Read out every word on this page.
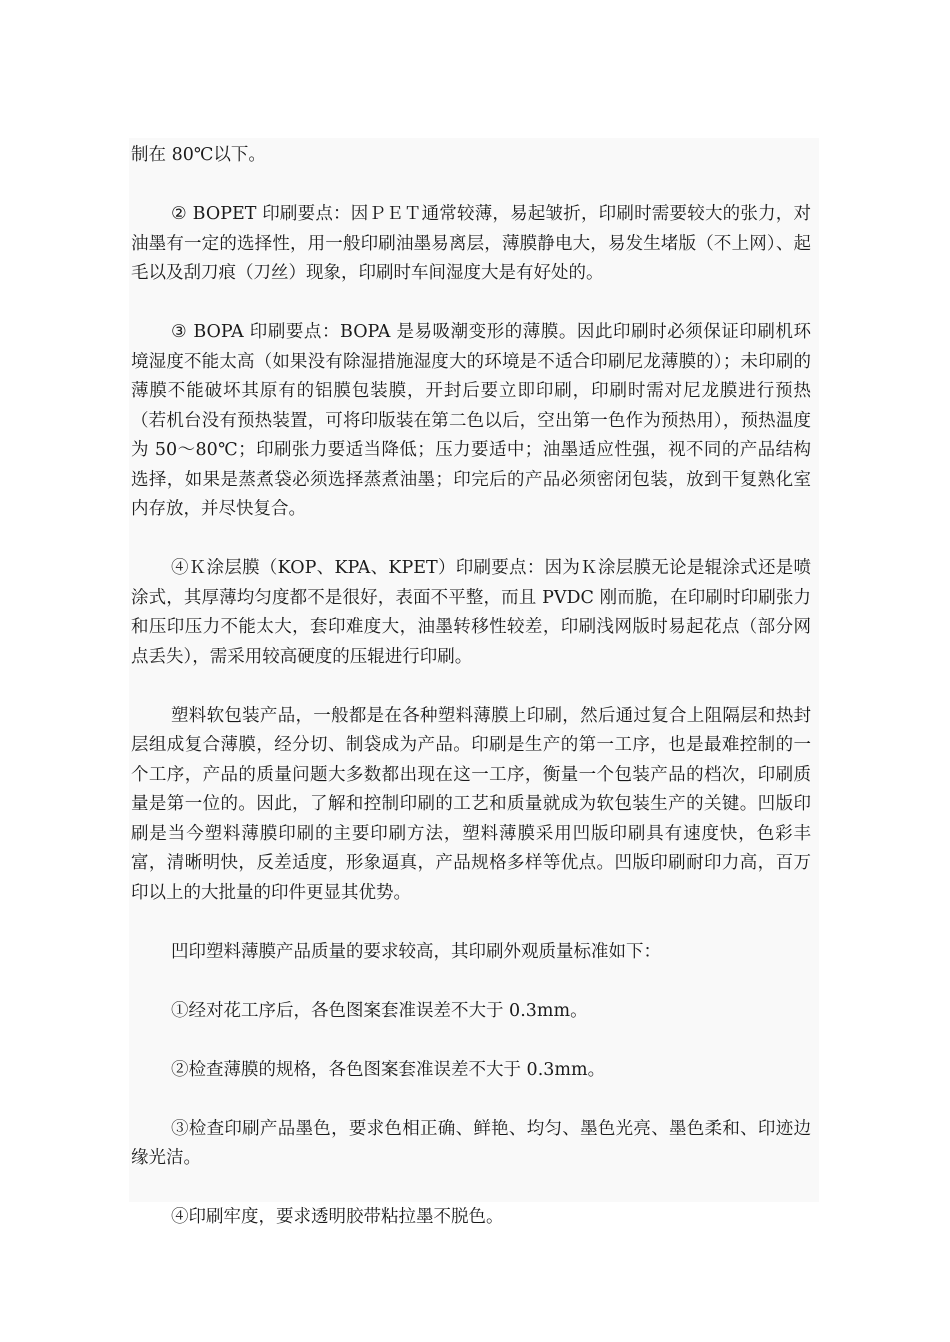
制在 80℃以下。

② BOPET 印刷要点：因ＰＥＴ通常较薄，易起皱折，印刷时需要较大的张力，对油墨有一定的选择性，用一般印刷油墨易离层，薄膜静电大，易发生堵版（不上网）、起毛以及刮刀痕（刀丝）现象，印刷时车间湿度大是有好处的。

③ BOPA 印刷要点：BOPA 是易吸潮变形的薄膜。因此印刷时必须保证印刷机环境湿度不能太高（如果没有除湿措施湿度大的环境是不适合印刷尼龙薄膜的）；未印刷的薄膜不能破坏其原有的铝膜包装膜，开封后要立即印刷，印刷时需对尼龙膜进行预热（若机台没有预热装置，可将印版装在第二色以后，空出第一色作为预热用），预热温度为 50～80℃；印刷张力要适当降低；压力要适中；油墨适应性强，视不同的产品结构选择，如果是蒸煮袋必须选择蒸煮油墨；印完后的产品必须密闭包装，放到干复熟化室内存放，并尽快复合。

④Ｋ涂层膜（KOP、KPA、KPET）印刷要点：因为Ｋ涂层膜无论是辊涂式还是喷涂式，其厚薄均匀度都不是很好，表面不平整，而且 PVDC 刚而脆，在印刷时印刷张力和压印压力不能太大，套印难度大，油墨转移性较差，印刷浅网版时易起花点（部分网点丢失），需采用较高硬度的压辊进行印刷。

塑料软包装产品，一般都是在各种塑料薄膜上印刷，然后通过复合上阻隔层和热封层组成复合薄膜，经分切、制袋成为产品。印刷是生产的第一工序，也是最难控制的一个工序，产品的质量问题大多数都出现在这一工序，衡量一个包装产品的档次，印刷质量是第一位的。因此，了解和控制印刷的工艺和质量就成为软包装生产的关键。凹版印刷是当今塑料薄膜印刷的主要印刷方法，塑料薄膜采用凹版印刷具有速度快，色彩丰富，清晰明快，反差适度，形象逼真，产品规格多样等优点。凹版印刷耐印力高，百万印以上的大批量的印件更显其优势。

凹印塑料薄膜产品质量的要求较高，其印刷外观质量标准如下：

①经对花工序后，各色图案套准误差不大于 0.3mm。

②检查薄膜的规格，各色图案套准误差不大于 0.3mm。

③检查印刷产品墨色，要求色相正确、鲜艳、均匀、墨色光亮、墨色柔和、印迹边缘光洁。

④印刷牢度，要求透明胶带粘拉墨不脱色。
